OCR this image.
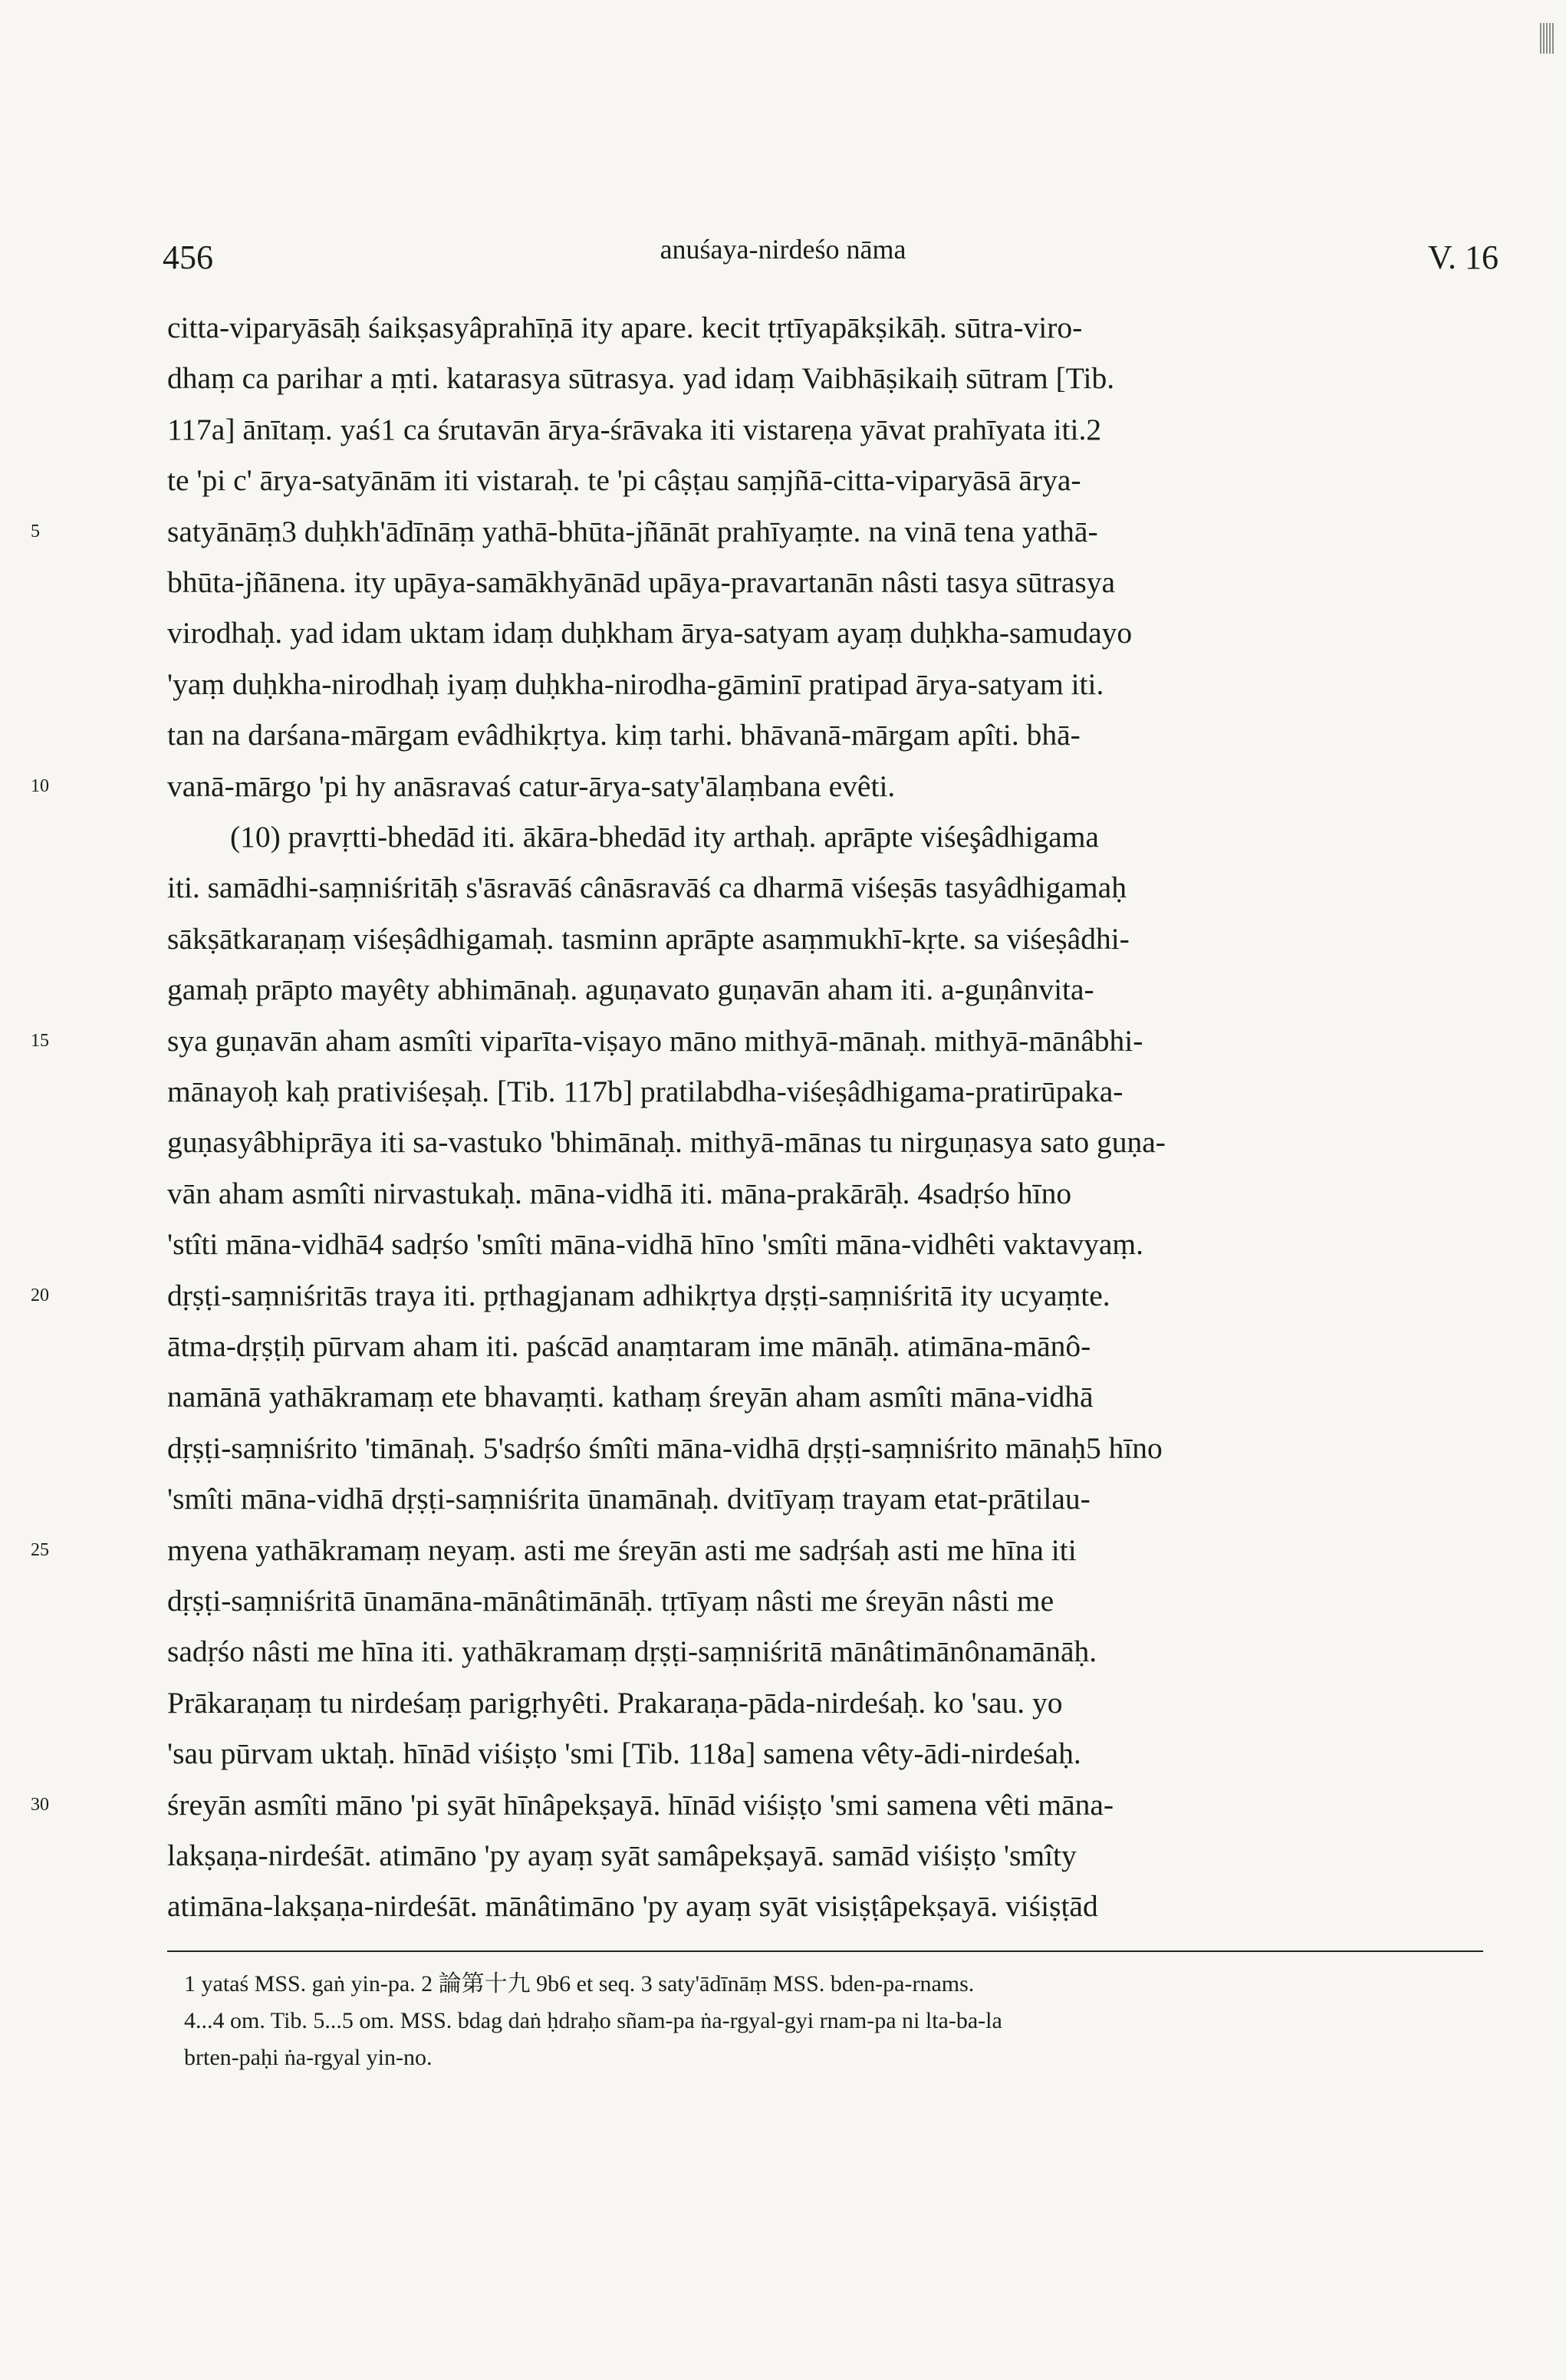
456	anuśaya-nirdeśo nāma	V. 16
citta-viparyāsāḥ śaikṣasyâprahīṇā ity apare. kecit tṛtīyapākṣikāḥ. sūtra-viro-
dhaṃ ca parihar a ṃti. katarasya sūtrasya. yad idaṃ Vaibhāṣikaiḥ sūtram [Tib.
117a] ānītaṃ. yaś1 ca śrutavān ārya-śrāvaka iti vistareṇa yāvat prahīyata iti.2
te 'pi c' ārya-satyānām iti vistaraḥ. te 'pi câṣṭau saṃjñā-citta-viparyāsā ārya-
satyānāṃ3 duḥkh'ādīnāṃ yathā-bhūta-jñānāt prahīyaṃte. na vinā tena yathā-
bhūta-jñānena. ity upāya-samākhyānād upāya-pravartanān nâsti tasya sūtrasya
virodhaḥ. yad idam uktam idaṃ duḥkham ārya-satyam ayaṃ duḥkha-samudayo
'yaṃ duḥkha-nirodhaḥ iyaṃ duḥkha-nirodha-gāminī pratipad ārya-satyam iti.
tan na darśana-mārgam evâdhikṛtya. kiṃ tarhi. bhāvanā-mārgam apîti. bhā-
vanā-mārgo 'pi hy anāsravaś catur-ārya-saty'ālaṃbana evêti.
(10) pravṛtti-bhedād iti. ākāra-bhedād ity arthaḥ. aprāpte viśeşâdhigama
iti. samādhi-saṃniśritāḥ s'āsravāś cânāsravāś ca dharmā viśeṣās tasyâdhigamaḥ
sākṣātkaraṇaṃ viśeṣâdhigamaḥ. tasminn aprāpte asaṃmukhī-kṛte. sa viśeṣâdhi-
gamaḥ prāpto mayêty abhimānaḥ. aguṇavato guṇavān aham iti. a-guṇânvita-
sya guṇavān aham asmîti viparīta-viṣayo māno mithyā-mānaḥ. mithyā-mānâbhi-
mānayoḥ kaḥ prativiśeṣaḥ. [Tib. 117b] pratilabdha-viśeṣâdhigama-pratirūpaka-
guṇasyâbhiprāya iti sa-vastuko 'bhimānaḥ. mithyā-mānas tu nirguṇasya sato guṇa-
vān aham asmîti nirvastukaḥ. māna-vidhā iti. māna-prakārāḥ. 4sadṛśo hīno
'stîti māna-vidhā4 sadṛśo 'smîti māna-vidhā hīno 'smîti māna-vidhêti vaktavyaṃ.
dṛṣṭi-saṃniśritās traya iti. pṛthagjanam adhikṛtya dṛṣṭi-saṃniśritā ity ucyaṃte.
ātma-dṛṣṭiḥ pūrvam aham iti. paścād anaṃtaram ime mānāḥ. atimāna-mānô-
namānā yathākramaṃ ete bhavaṃti. kathaṃ śreyān aham asmîti māna-vidhā
dṛṣṭi-saṃniśrito 'timānaḥ. 5'sadṛśo śmîti māna-vidhā dṛṣṭi-saṃniśrito mānaḥ5 hīno
'smîti māna-vidhā dṛṣṭi-saṃniśrita ūnamānaḥ. dvitīyaṃ trayam etat-prātilau-
myena yathākramaṃ neyaṃ. asti me śreyān asti me sadṛśaḥ asti me hīna iti
dṛṣṭi-saṃniśritā ūnamāna-mānâtimānāḥ. tṛtīyaṃ nâsti me śreyān nâsti me
sadṛśo nâsti me hīna iti. yathākramaṃ dṛṣṭi-saṃniśritā mānâtimānônamānāḥ.
Prākaraṇaṃ tu nirdeśaṃ parigṛhyêti. Prakaraṇa-pāda-nirdeśaḥ. ko 'sau. yo
'sau pūrvam uktaḥ. hīnād viśiṣṭo 'smi [Tib. 118a] samena vêty-ādi-nirdeśaḥ.
śreyān asmîti māno 'pi syāt hīnâpekṣayā. hīnād viśiṣṭo 'smi samena vêti māna-
lakṣaṇa-nirdeśāt. atimāno 'py ayaṃ syāt samâpekṣayā. samād viśiṣṭo 'smîty
atimāna-lakṣaṇa-nirdeśāt. mānâtimāno 'py ayaṃ syāt visiṣṭâpekṣayā. viśiṣṭād
5
10
15
20
25
30
1 yataś MSS. gaṅ yin-pa. 2 論第十九 9b6 et seq. 3 saty'ādīnāṃ MSS. bden-pa-rnams.
4...4 om. Tib. 5...5 om. MSS. bdag daṅ ḥdraḥo sñam-pa ṅa-rgyal-gyi rnam-pa ni lta-ba-la
brten-paḥi ṅa-rgyal yin-no.
